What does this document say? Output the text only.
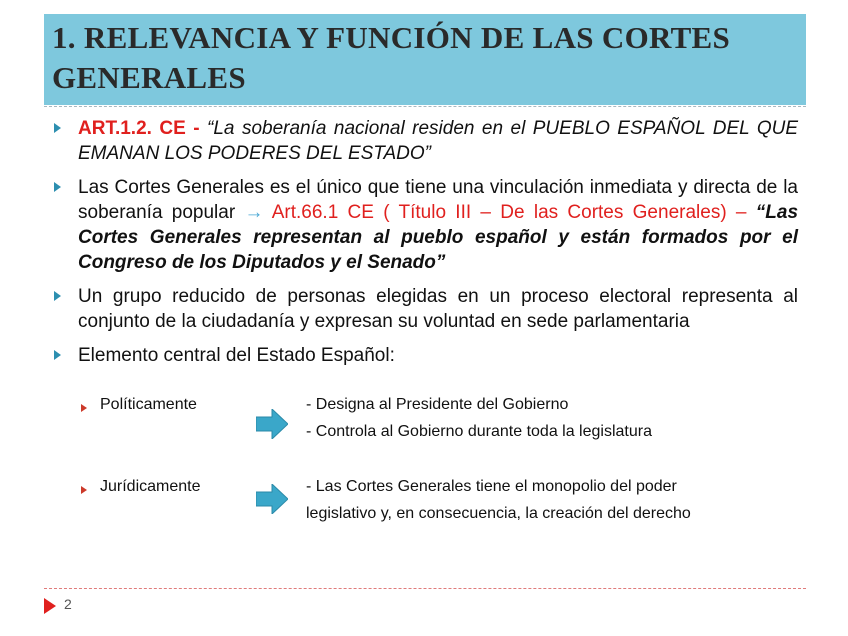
1. RELEVANCIA Y FUNCIÓN DE LAS CORTES GENERALES
ART.1.2. CE - “La soberanía nacional residen en el PUEBLO ESPAÑOL DEL QUE EMANAN LOS PODERES DEL ESTADO”
Las Cortes Generales es el único que tiene una vinculación inmediata y directa de la soberanía popular → Art.66.1 CE ( Título III – De las Cortes Generales) – “Las Cortes Generales representan al pueblo español y están formados por el Congreso de los Diputados y el Senado”
Un grupo reducido de personas elegidas en un proceso electoral representa al conjunto de la ciudadanía y expresan su voluntad en sede parlamentaria
Elemento central del Estado Español:
Políticamente	- Designa al Presidente del Gobierno
- Controla al Gobierno durante toda la legislatura
Jurídicamente	- Las Cortes Generales tiene el monopolio del poder
legislativo y, en consecuencia, la creación del derecho
2
